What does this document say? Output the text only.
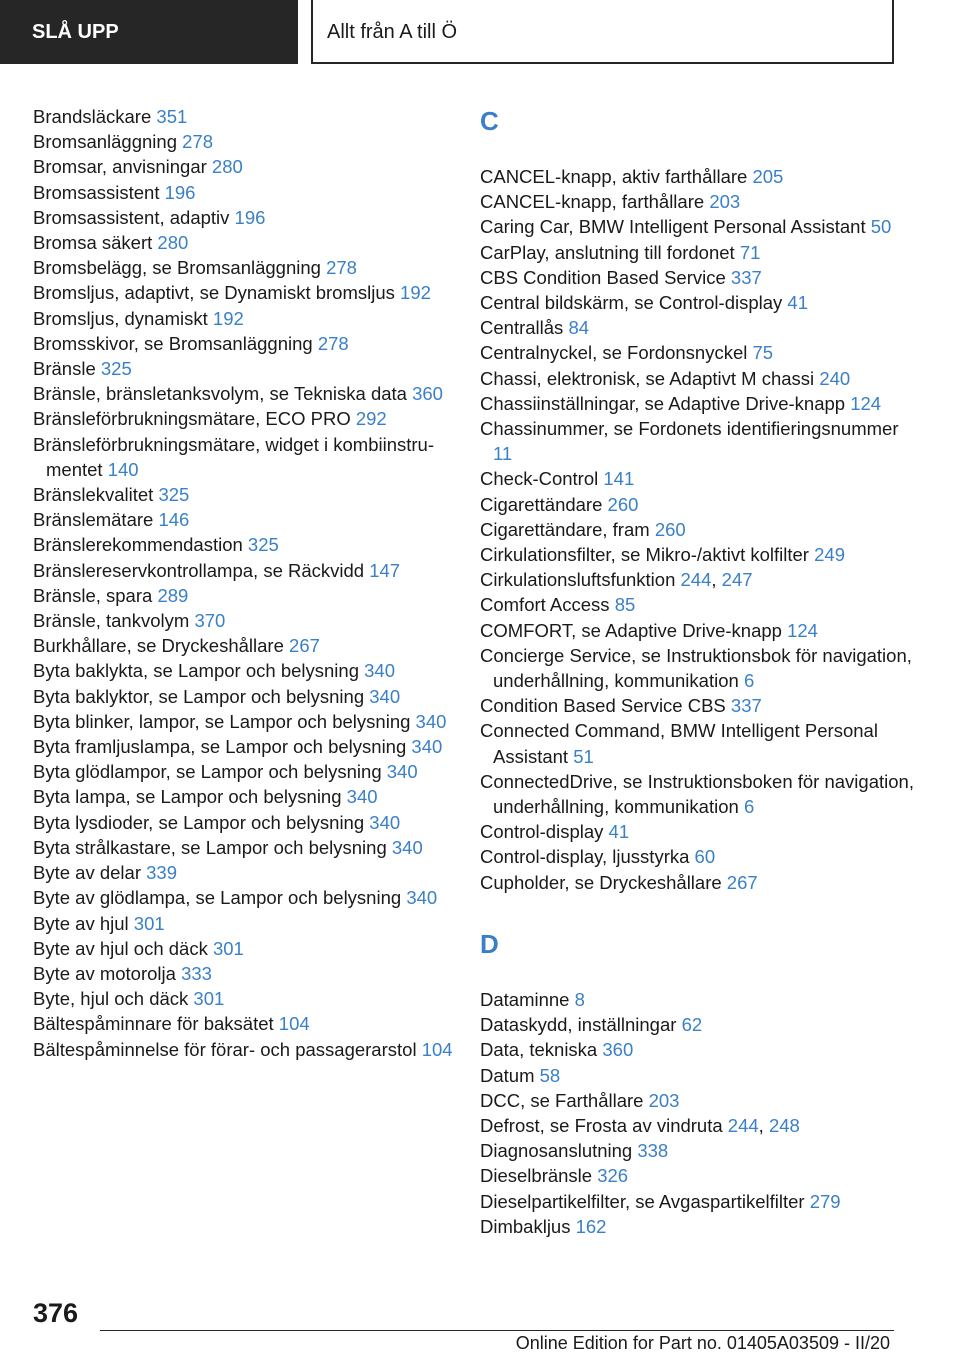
SLÅ UPP	Allt från A till Ö
Brandsläckare 351
Bromsanläggning 278
Bromsar, anvisningar 280
Bromsassistent 196
Bromsassistent, adaptiv 196
Bromsa säkert 280
Bromsbelägg, se Bromsanläggning 278
Bromsljus, adaptivt, se Dynamiskt bromsljus 192
Bromsljus, dynamiskt 192
Bromsskivor, se Bromsanläggning 278
Bränsle 325
Bränsle, bränsletanksvolym, se Tekniska data 360
Bränsleförbrukningsmätare, ECO PRO 292
Bränsleförbrukningsmätare, widget i kombiinstrumentet 140
Bränslekvalitet 325
Bränslemätare 146
Bränslerekommendastion 325
Bränslereservkontrollampa, se Räckvidd 147
Bränsle, spara 289
Bränsle, tankvolym 370
Burkhållare, se Dryckeshållare 267
Byta baklykta, se Lampor och belysning 340
Byta baklyktor, se Lampor och belysning 340
Byta blinker, lampor, se Lampor och belysning 340
Byta framljuslampa, se Lampor och belysning 340
Byta glödlampor, se Lampor och belysning 340
Byta lampa, se Lampor och belysning 340
Byta lysdioder, se Lampor och belysning 340
Byta strålkastare, se Lampor och belysning 340
Byte av delar 339
Byte av glödlampa, se Lampor och belysning 340
Byte av hjul 301
Byte av hjul och däck 301
Byte av motorolja 333
Byte, hjul och däck 301
Bältespåminnare för baksätet 104
Bältespåminnelse för förar- och passagerarstol 104
C
CANCEL-knapp, aktiv farthållare 205
CANCEL-knapp, farthållare 203
Caring Car, BMW Intelligent Personal Assistant 50
CarPlay, anslutning till fordonet 71
CBS Condition Based Service 337
Central bildskärm, se Control-display 41
Centrallås 84
Centralnyckel, se Fordonsnyckel 75
Chassi, elektronisk, se Adaptivt M chassi 240
Chassiinställningar, se Adaptive Drive-knapp 124
Chassinummer, se Fordonets identifieringsnummer 11
Check-Control 141
Cigarettändare 260
Cigarettändare, fram 260
Cirkulationsfilter, se Mikro-/aktivt kolfilter 249
Cirkulationsluftsfunktion 244, 247
Comfort Access 85
COMFORT, se Adaptive Drive-knapp 124
Concierge Service, se Instruktionsbok för navigation, underhållning, kommunikation 6
Condition Based Service CBS 337
Connected Command, BMW Intelligent Personal Assistant 51
ConnectedDrive, se Instruktionsboken för navigation, underhållning, kommunikation 6
Control-display 41
Control-display, ljusstyrka 60
Cupholder, se Dryckeshållare 267
D
Dataminne 8
Dataskydd, inställningar 62
Data, tekniska 360
Datum 58
DCC, se Farthållare 203
Defrost, se Frosta av vindruta 244, 248
Diagnosanslutning 338
Dieselbränsle 326
Dieselpartikelfilter, se Avgaspartikelfilter 279
Dimbakljus 162
376
Online Edition for Part no. 01405A03509 - II/20
